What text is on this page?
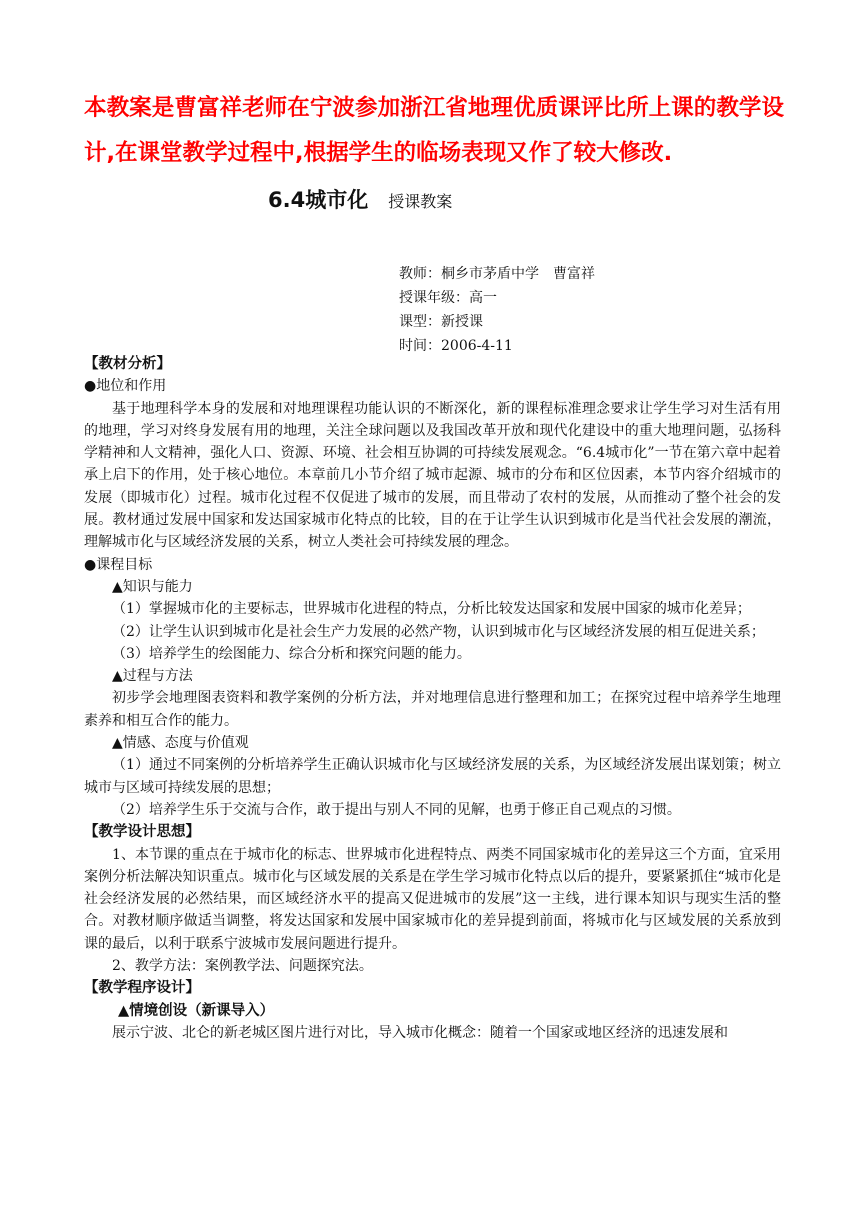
本教案是曹富祥老师在宁波参加浙江省地理优质课评比所上课的教学设计,在课堂教学过程中,根据学生的临场表现又作了较大修改.
6.4城市化 授课教案
教师：桐乡市茅盾中学　曹富祥
授课年级：高一
课型：新授课
时间：2006-4-11

【教材分析】

●地位和作用

基于地理科学本身的发展和对地理课程功能认识的不断深化，新的课程标准理念要求让学生学习对生活有用的地理，学习对终身发展有用的地理，关注全球问题以及我国改革开放和现代化建设中的重大地理问题，弘扬科学精神和人文精神，强化人口、资源、环境、社会相互协调的可持续发展观念。“6.4城市化”一节在第六章中起着承上启下的作用，处于核心地位。本章前几小节介绍了城市起源、城市的分布和区位因素，本节内容介绍城市的发展（即城市化）过程。城市化过程不仅促进了城市的发展，而且带动了农村的发展，从而推动了整个社会的发展。教材通过发展中国家和发达国家城市化特点的比较，目的在于让学生认识到城市化是当代社会发展的潮流，理解城市化与区域经济发展的关系，树立人类社会可持续发展的理念。

●课程目标

▲知识与能力

（1）掌握城市化的主要标志，世界城市化进程的特点，分析比较发达国家和发展中国家的城市化差异；

（2）让学生认识到城市化是社会生产力发展的必然产物，认识到城市化与区域经济发展的相互促进关系；

（3）培养学生的绘图能力、综合分析和探究问题的能力。

▲过程与方法

初步学会地理图表资料和教学案例的分析方法，并对地理信息进行整理和加工；在探究过程中培养学生地理素养和相互合作的能力。

▲情感、态度与价值观

（1）通过不同案例的分析培养学生正确认识城市化与区域经济发展的关系，为区域经济发展出谋划策；树立城市与区域可持续发展的思想；

（2）培养学生乐于交流与合作，敢于提出与别人不同的见解，也勇于修正自己观点的习惯。

【教学设计思想】

1、本节课的重点在于城市化的标志、世界城市化进程特点、两类不同国家城市化的差异这三个方面，宜采用案例分析法解决知识重点。城市化与区域发展的关系是在学生学习城市化特点以后的提升，要紧紧抓住“城市化是社会经济发展的必然结果，而区域经济水平的提高又促进城市的发展”这一主线，进行课本知识与现实生活的整合。对教材顺序做适当调整，将发达国家和发展中国家城市化的差异提到前面，将城市化与区域发展的关系放到课的最后，以利于联系宁波城市发展问题进行提升。

2、教学方法：案例教学法、问题探究法。

【教学程序设计】

▲情境创设（新课导入）

展示宁波、北仑的新老城区图片进行对比，导入城市化概念：随着一个国家或地区经济的迅速发展和
